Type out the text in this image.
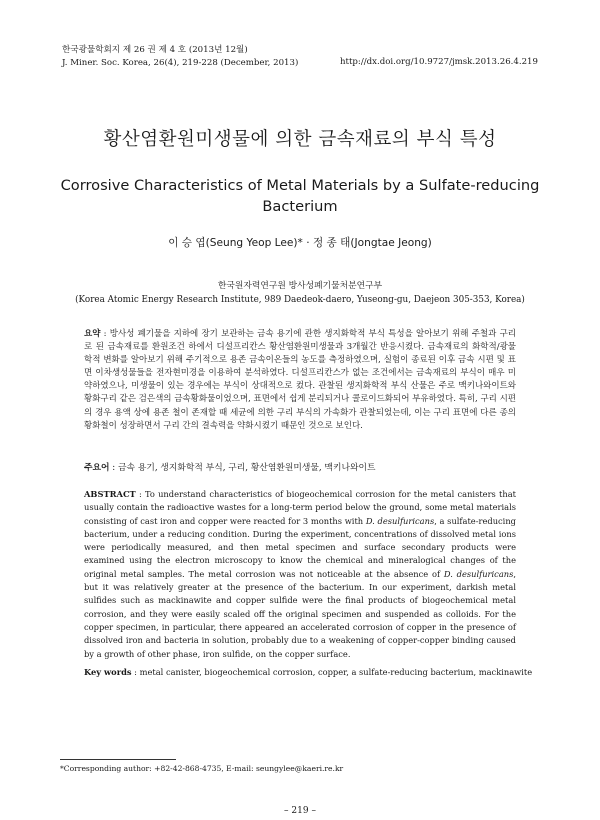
한국광물학회지 제 26 권 제 4 호 (2013년 12월)
J. Miner. Soc. Korea, 26(4), 219-228 (December, 2013)	http://dx.doi.org/10.9727/jmsk.2013.26.4.219
황산염환원미생물에 의한 금속재료의 부식 특성
Corrosive Characteristics of Metal Materials by a Sulfate-reducing Bacterium
이 승 엽(Seung Yeop Lee)* · 정 종 태(Jongtae Jeong)
한국원자력연구원 방사성폐기물처분연구부
(Korea Atomic Energy Research Institute, 989 Daedeok-daero, Yuseong-gu, Daejeon 305-353, Korea)
요약 : 방사성 폐기물을 지하에 장기 보관하는 금속 용기에 관한 생지화학적 부식 특성을 알아보기 위해 주철과 구리로 된 금속재료를 환원조건 하에서 디설프리칸스 황산염환원미생물과 3개월간 반응시켰다. 금속재료의 화학적/광물학적 변화를 알아보기 위해 주기적으로 용존 금속이온들의 농도를 측정하였으며, 실험이 종료된 이후 금속 시편 및 표면 이차생성물들을 전자현미경을 이용하여 분석하였다. 디설프리칸스가 없는 조건에서는 금속재료의 부식이 매우 미약하였으나, 미생물이 있는 경우에는 부식이 상대적으로 컸다. 관찰된 생지화학적 부식 산물은 주로 맥키나와이트와 황화구리 같은 검은색의 금속황화물이었으며, 표면에서 쉽게 분리되거나 콜로이드화되어 부유하였다. 특히, 구리 시편의 경우 용액 상에 용존 철이 존재할 때 세균에 의한 구리 부식의 가속화가 관찰되었는데, 이는 구리 표면에 다른 종의 황화철이 성장하면서 구리 간의 결속력을 약화시켰기 때문인 것으로 보인다.
주요어 : 금속 용기, 생지화학적 부식, 구리, 황산염환원미생물, 맥키나와이트
ABSTRACT : To understand characteristics of biogeochemical corrosion for the metal canisters that usually contain the radioactive wastes for a long-term period below the ground, some metal materials consisting of cast iron and copper were reacted for 3 months with D. desulfuricans, a sulfate-reducing bacterium, under a reducing condition. During the experiment, concentrations of dissolved metal ions were periodically measured, and then metal specimen and surface secondary products were examined using the electron microscopy to know the chemical and mineralogical changes of the original metal samples. The metal corrosion was not noticeable at the absence of D. desulfuricans, but it was relatively greater at the presence of the bacterium. In our experiment, darkish metal sulfides such as mackinawite and copper sulfide were the final products of biogeochemical metal corrosion, and they were easily scaled off the original specimen and suspended as colloids. For the copper specimen, in particular, there appeared an accelerated corrosion of copper in the presence of dissolved iron and bacteria in solution, probably due to a weakening of copper-copper binding caused by a growth of other phase, iron sulfide, on the copper surface.
Key words : metal canister, biogeochemical corrosion, copper, a sulfate-reducing bacterium, mackinawite
*Corresponding author: +82-42-868-4735, E-mail: seungylee@kaeri.re.kr
– 219 –
